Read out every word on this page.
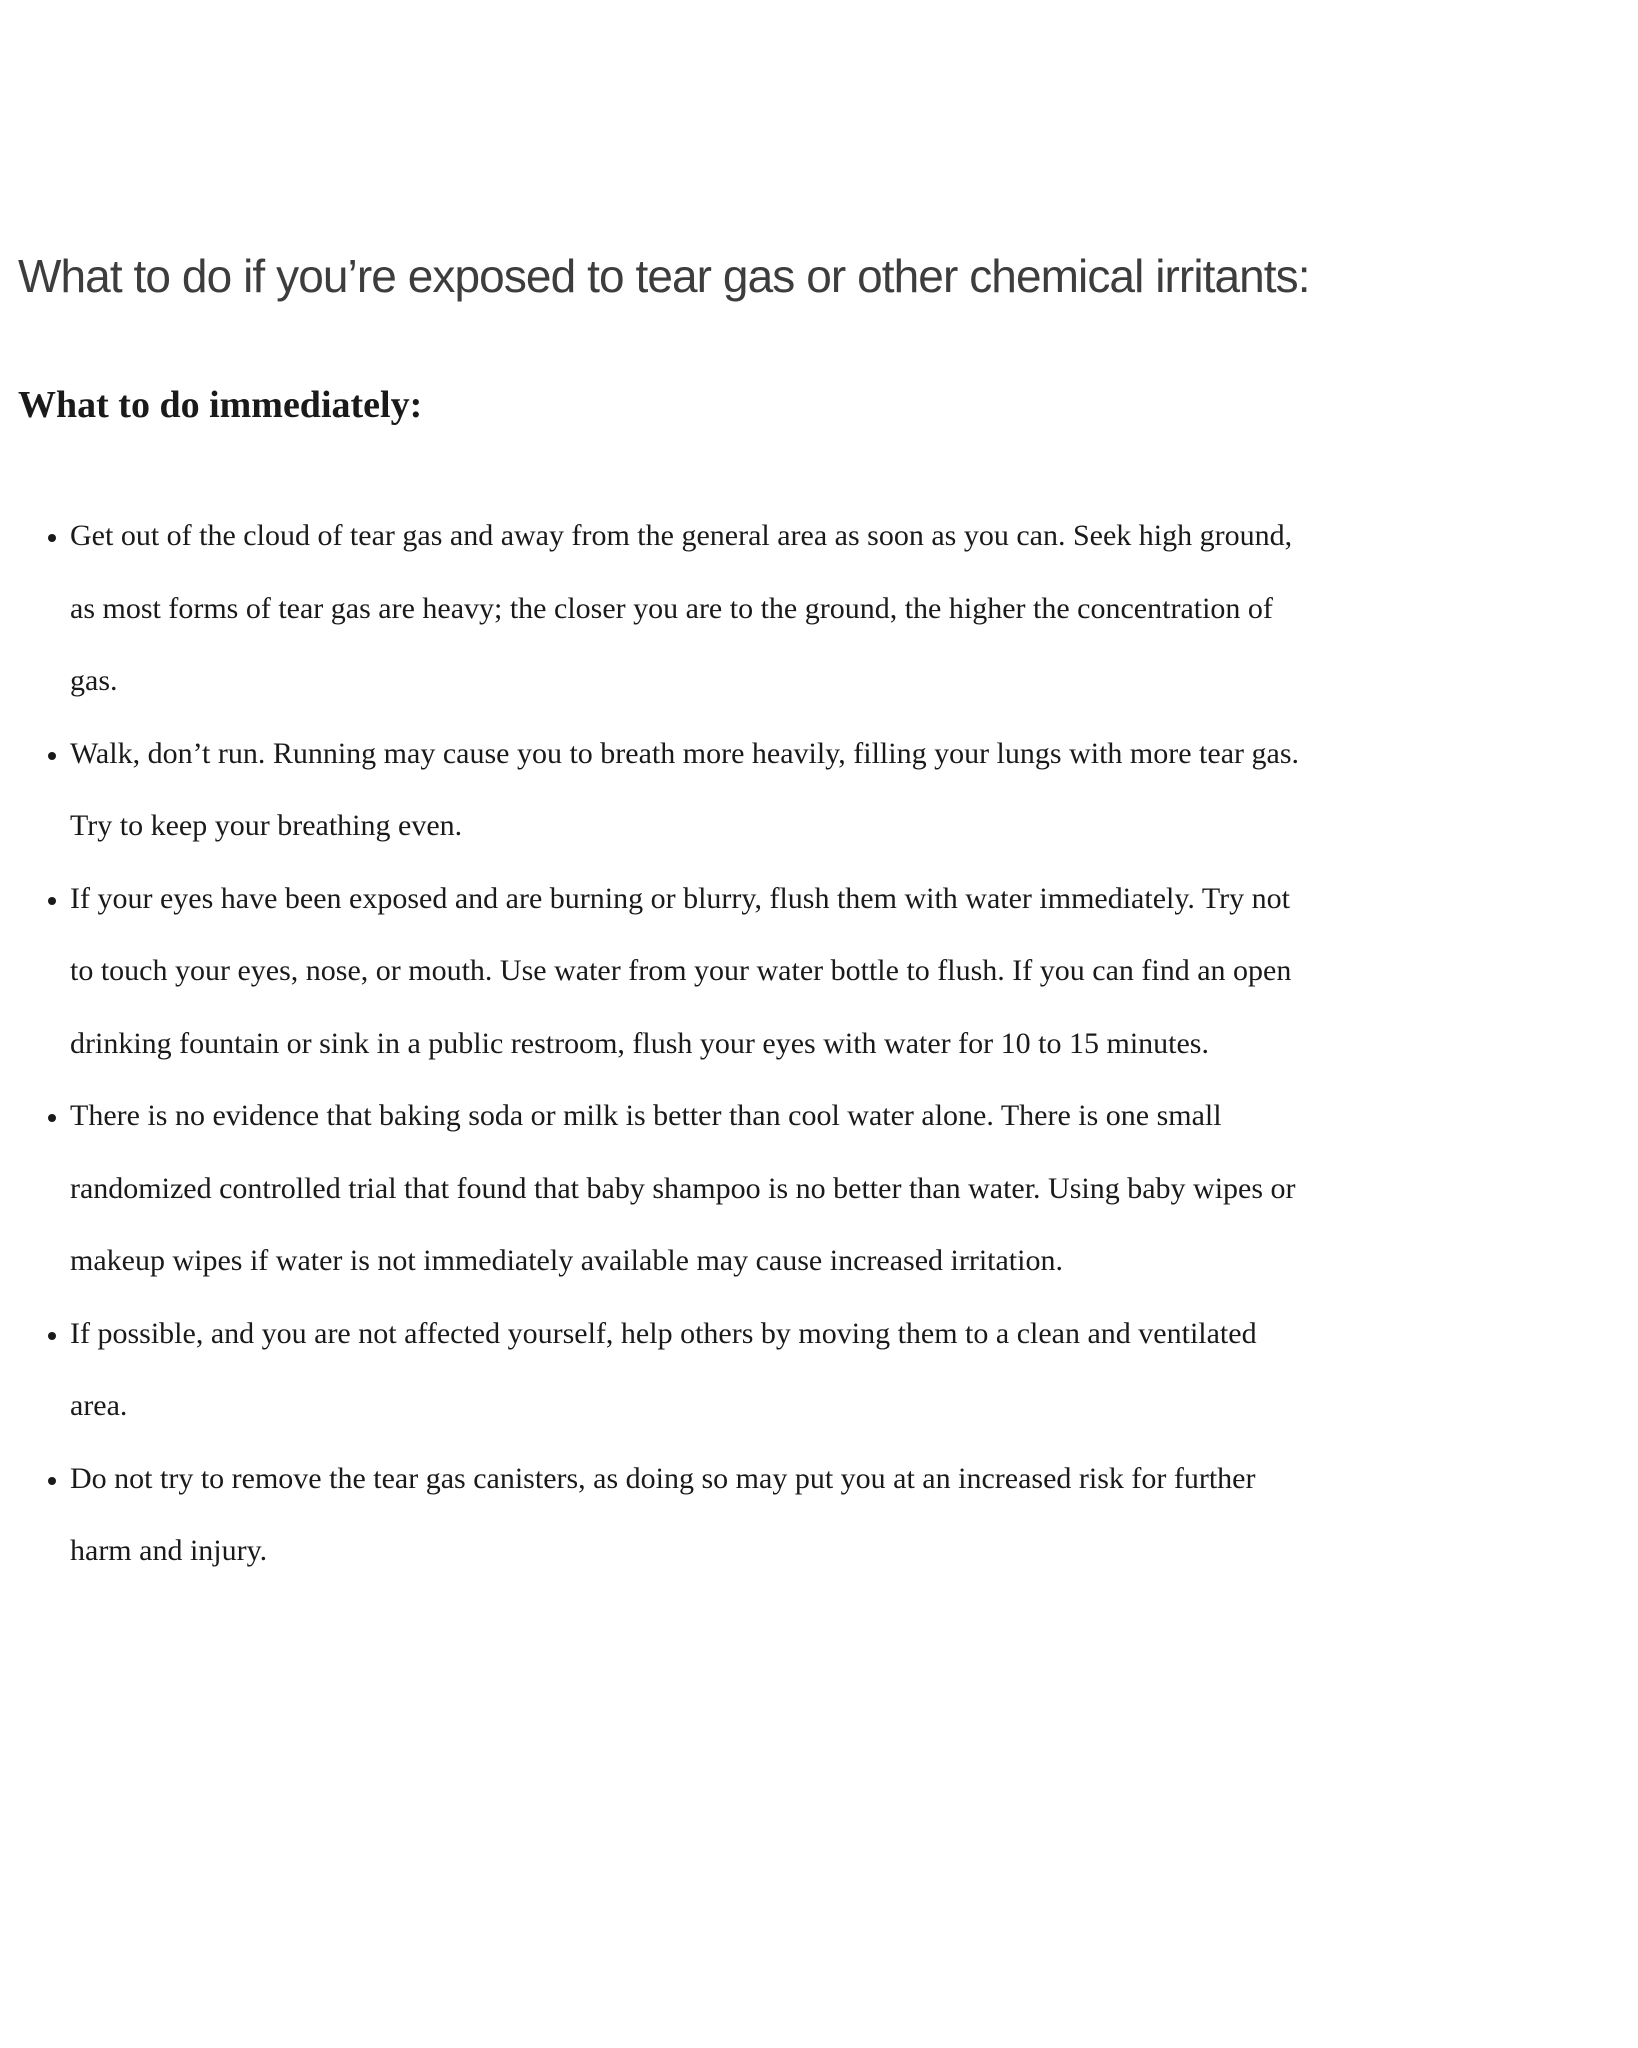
What to do if you’re exposed to tear gas or other chemical irritants:
What to do immediately:
• Get out of the cloud of tear gas and away from the general area as soon as you can. Seek high ground, as most forms of tear gas are heavy; the closer you are to the ground, the higher the concentration of gas.
• Walk, don’t run. Running may cause you to breath more heavily, filling your lungs with more tear gas. Try to keep your breathing even.
• If your eyes have been exposed and are burning or blurry, flush them with water immediately. Try not to touch your eyes, nose, or mouth. Use water from your water bottle to flush. If you can find an open drinking fountain or sink in a public restroom, flush your eyes with water for 10 to 15 minutes.
• There is no evidence that baking soda or milk is better than cool water alone. There is one small randomized controlled trial that found that baby shampoo is no better than water. Using baby wipes or makeup wipes if water is not immediately available may cause increased irritation.
• If possible, and you are not affected yourself, help others by moving them to a clean and ventilated area.
• Do not try to remove the tear gas canisters, as doing so may put you at an increased risk for further harm and injury.
